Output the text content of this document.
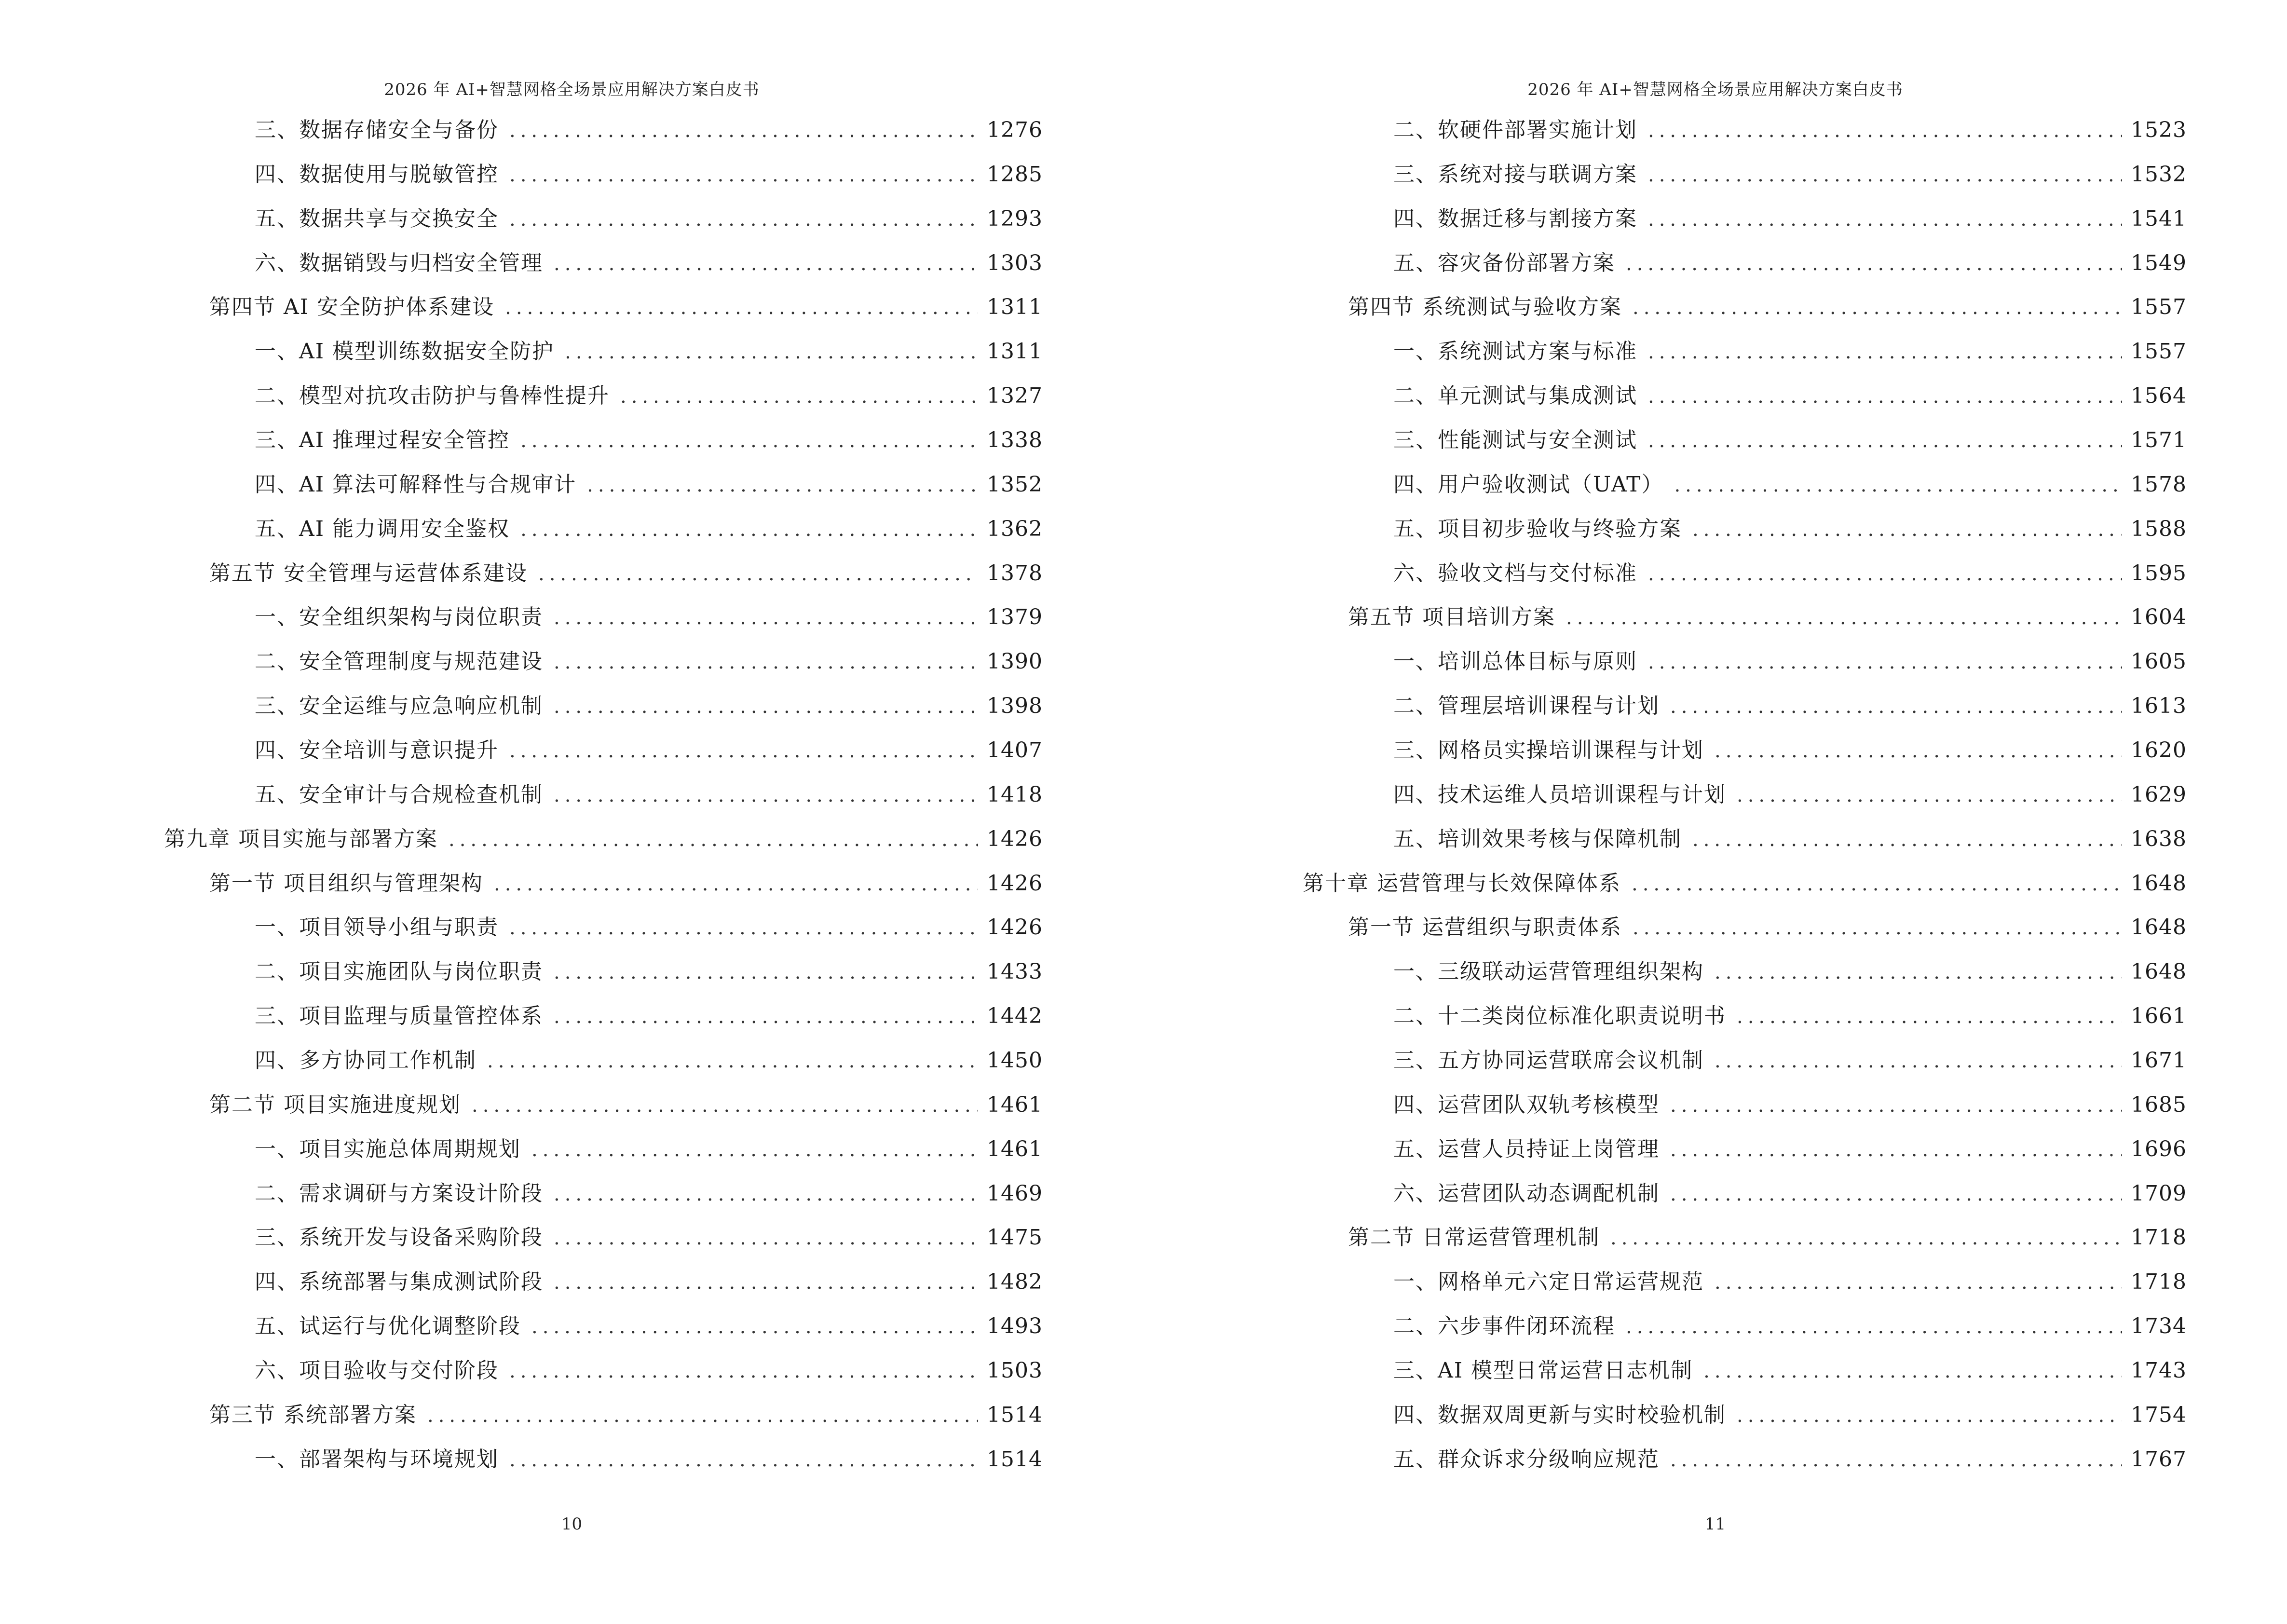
2026 年 AI+智慧网格全场景应用解决方案白皮书
三、数据存储安全与备份 .....	1276
四、数据使用与脱敏管控 .....	1285
五、数据共享与交换安全 .....	1293
六、数据销毁与归档安全管理 .....	1303
第四节 AI 安全防护体系建设 .....	1311
一、AI 模型训练数据安全防护 .....	1311
二、模型对抗攻击防护与鲁棒性提升 .....	1327
三、AI 推理过程安全管控 .....	1338
四、AI 算法可解释性与合规审计 .....	1352
五、AI 能力调用安全鉴权 .....	1362
第五节 安全管理与运营体系建设 .....	1378
一、安全组织架构与岗位职责 .....	1379
二、安全管理制度与规范建设 .....	1390
三、安全运维与应急响应机制 .....	1398
四、安全培训与意识提升 .....	1407
五、安全审计与合规检查机制 .....	1418
第九章 项目实施与部署方案 .....	1426
第一节 项目组织与管理架构 .....	1426
一、项目领导小组与职责 .....	1426
二、项目实施团队与岗位职责 .....	1433
三、项目监理与质量管控体系 .....	1442
四、多方协同工作机制 .....	1450
第二节 项目实施进度规划 .....	1461
一、项目实施总体周期规划 .....	1461
二、需求调研与方案设计阶段 .....	1469
三、系统开发与设备采购阶段 .....	1475
四、系统部署与集成测试阶段 .....	1482
五、试运行与优化调整阶段 .....	1493
六、项目验收与交付阶段 .....	1503
第三节 系统部署方案 .....	1514
一、部署架构与环境规划 .....	1514
10
2026 年 AI+智慧网格全场景应用解决方案白皮书
二、软硬件部署实施计划 .....	1523
三、系统对接与联调方案 .....	1532
四、数据迁移与割接方案 .....	1541
五、容灾备份部署方案 .....	1549
第四节 系统测试与验收方案 .....	1557
一、系统测试方案与标准 .....	1557
二、单元测试与集成测试 .....	1564
三、性能测试与安全测试 .....	1571
四、用户验收测试（UAT） .....	1578
五、项目初步验收与终验方案 .....	1588
六、验收文档与交付标准 .....	1595
第五节 项目培训方案 .....	1604
一、培训总体目标与原则 .....	1605
二、管理层培训课程与计划 .....	1613
三、网格员实操培训课程与计划 .....	1620
四、技术运维人员培训课程与计划 .....	1629
五、培训效果考核与保障机制 .....	1638
第十章 运营管理与长效保障体系 .....	1648
第一节 运营组织与职责体系 .....	1648
一、三级联动运营管理组织架构 .....	1648
二、十二类岗位标准化职责说明书 .....	1661
三、五方协同运营联席会议机制 .....	1671
四、运营团队双轨考核模型 .....	1685
五、运营人员持证上岗管理 .....	1696
六、运营团队动态调配机制 .....	1709
第二节 日常运营管理机制 .....	1718
一、网格单元六定日常运营规范 .....	1718
二、六步事件闭环流程 .....	1734
三、AI 模型日常运营日志机制 .....	1743
四、数据双周更新与实时校验机制 .....	1754
五、群众诉求分级响应规范 .....	1767
11
